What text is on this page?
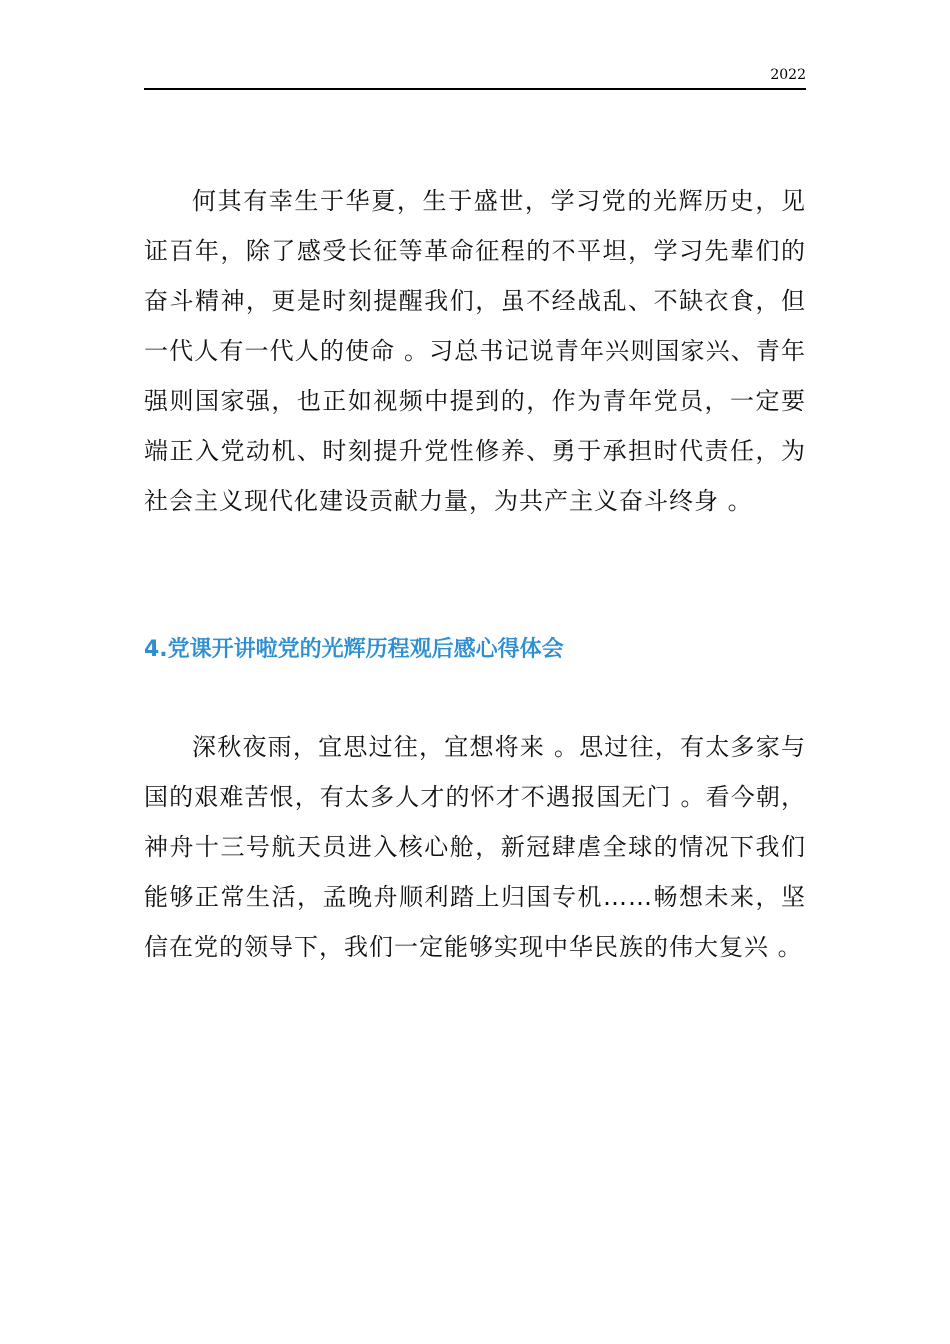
2022

何其有幸生于华夏，生于盛世，学习党的光辉历史，见证百年，除了感受长征等革命征程的不平坦，学习先辈们的奋斗精神，更是时刻提醒我们，虽不经战乱、不缺衣食，但一代人有一代人的使命 。习总书记说青年兴则国家兴、青年强则国家强，也正如视频中提到的，作为青年党员，一定要端正入党动机、时刻提升党性修养、勇于承担时代责任，为社会主义现代化建设贡献力量，为共产主义奋斗终身 。

4.党课开讲啦党的光辉历程观后感心得体会

深秋夜雨，宜思过往，宜想将来 。思过往，有太多家与国的艰难苦恨，有太多人才的怀才不遇报国无门 。看今朝，神舟十三号航天员进入核心舱，新冠肆虐全球的情况下我们能够正常生活，孟晚舟顺利踏上归国专机……畅想未来，坚信在党的领导下，我们一定能够实现中华民族的伟大复兴 。
